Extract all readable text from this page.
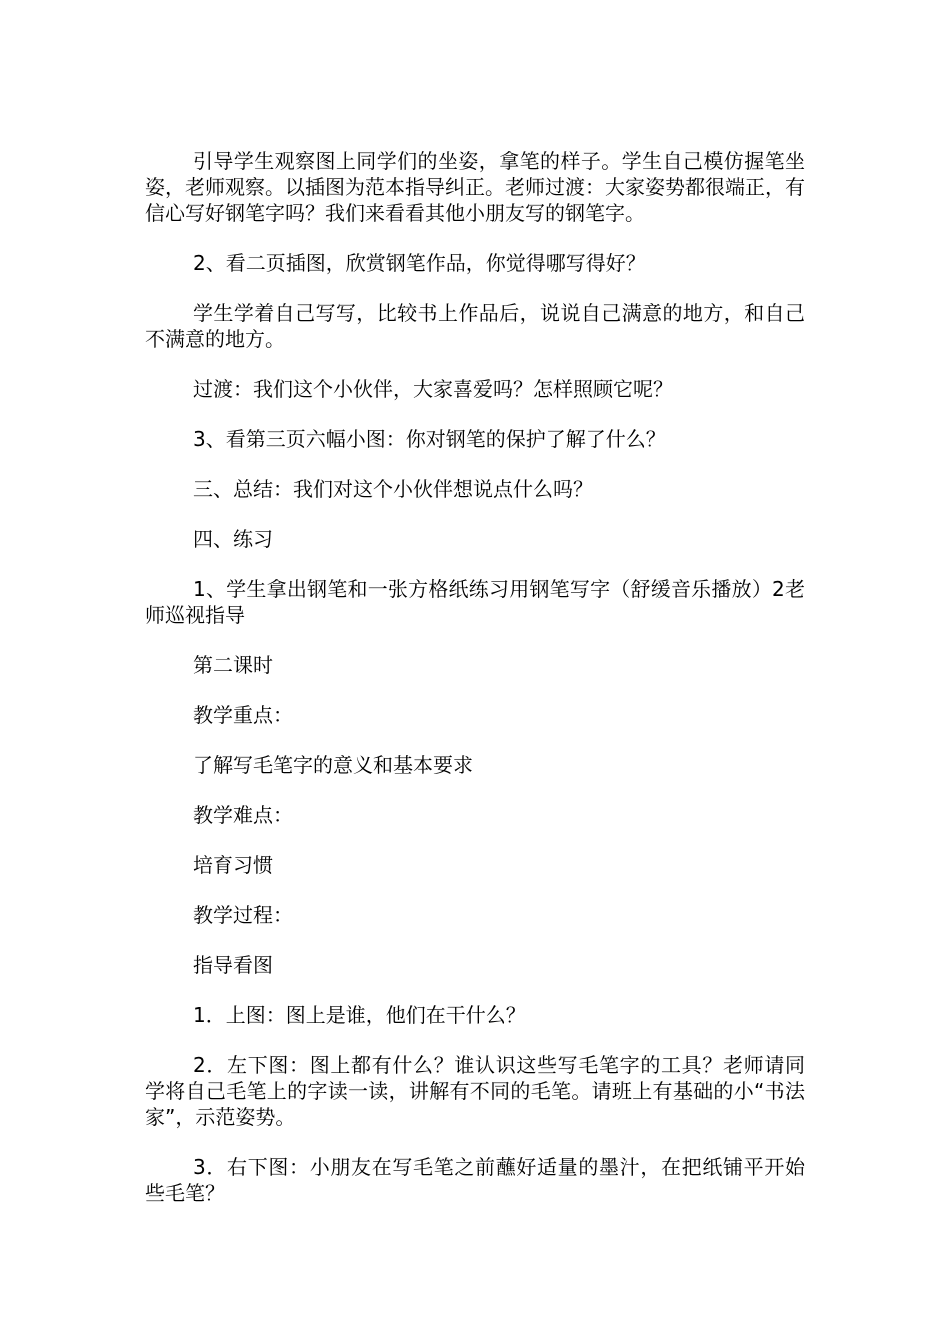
引导学生观察图上同学们的坐姿，拿笔的样子。学生自己模仿握笔坐姿，老师观察。以插图为范本指导纠正。老师过渡：大家姿势都很端正，有信心写好钢笔字吗？我们来看看其他小朋友写的钢笔字。

2、看二页插图，欣赏钢笔作品，你觉得哪写得好？

学生学着自己写写，比较书上作品后，说说自己满意的地方，和自己不满意的地方。

过渡：我们这个小伙伴，大家喜爱吗？怎样照顾它呢？

3、看第三页六幅小图：你对钢笔的保护了解了什么？

三、总结：我们对这个小伙伴想说点什么吗？

四、练习

1、学生拿出钢笔和一张方格纸练习用钢笔写字（舒缓音乐播放）2老师巡视指导

第二课时

教学重点：

了解写毛笔字的意义和基本要求

教学难点：

培育习惯

教学过程：

指导看图

1．上图：图上是谁，他们在干什么？

2．左下图：图上都有什么？谁认识这些写毛笔字的工具？老师请同学将自己毛笔上的字读一读，讲解有不同的毛笔。请班上有基础的小“书法家”，示范姿势。

3．右下图：小朋友在写毛笔之前蘸好适量的墨汁，在把纸铺平开始些毛笔？
